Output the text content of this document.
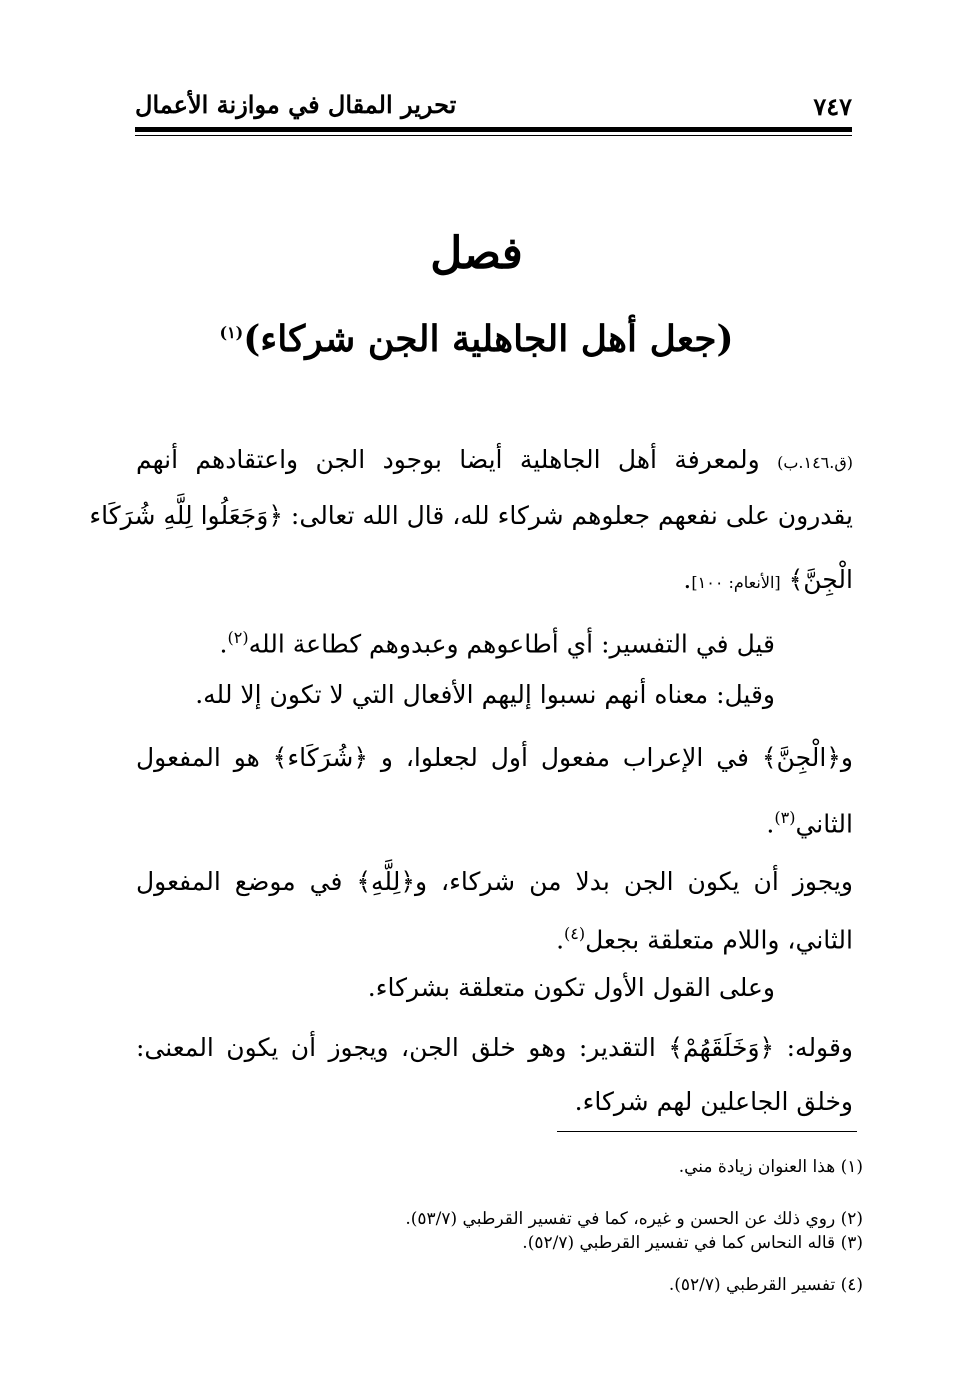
٧٤٧
تحرير المقال في موازنة الأعمال
فصل
(جعل أهل الجاهلية الجن شركاء)$^{(١)}$
(ق.١٤٦.ب) ولمعرفة أهل الجاهلية أيضا بوجود الجن واعتقادهم أنهم
يقدرون على نفعهم جعلوهم شركاء لله، قال الله تعالى: ﴿وَجَعَلُوا لِلَّهِ شُرَكَاء
الْجِنَّ﴾ [الأنعام: ١٠٠].
قيل في التفسير: أي أطاعوهم وعبدوهم كطاعة الله$^{(٢)}$.
وقيل: معناه أنهم نسبوا إليهم الأفعال التي لا تكون إلا لله.
و﴿الْجِنَّ﴾ في الإعراب مفعول أول لجعلوا، و ﴿شُرَكَاء﴾ هو المفعول
الثاني$^{(٣)}$.
ويجوز أن يكون الجن بدلا من شركاء، و﴿لِلَّهِ﴾ في موضع المفعول
الثاني، واللام متعلقة بجعل$^{(٤)}$.
وعلى القول الأول تكون متعلقة بشركاء.
وقوله: ﴿وَخَلَقَهُمْ﴾ التقدير: وهو خلق الجن، ويجوز أن يكون المعنى:
وخلق الجاعلين لهم شركاء.
(١) هذا العنوان زيادة مني.
(٢) روي ذلك عن الحسن و غيره، كما في تفسير القرطبي (٥٣/٧).
(٣) قاله النحاس كما في تفسير القرطبي (٥٢/٧).
(٤) تفسير القرطبي (٥٢/٧).
